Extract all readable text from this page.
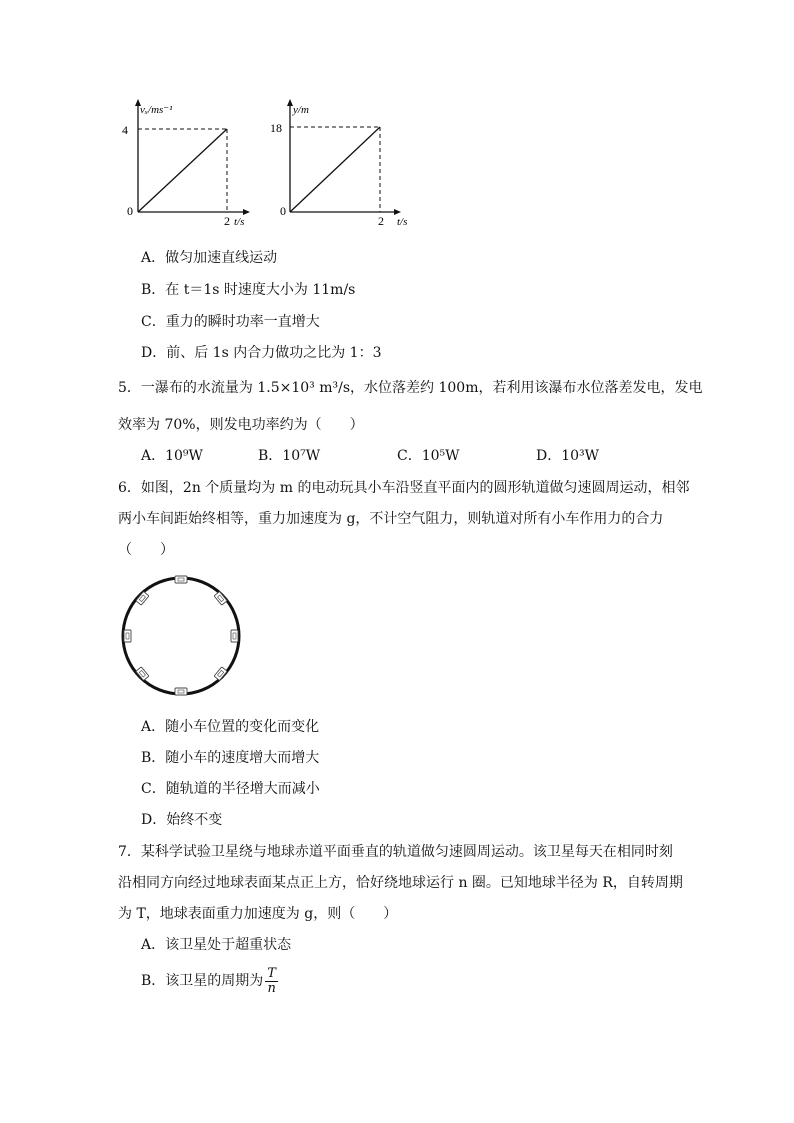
vₓ/ms⁻¹
4
0
2 t/s
y/m
18
0
2 t/s
A．做匀加速直线运动
B．在 t＝1s 时速度大小为 11m/s
C．重力的瞬时功率一直增大
D．前、后 1s 内合力做功之比为 1：3
5．一瀑布的水流量为 1.5×10³ m³/s，水位落差约 100m，若利用该瀑布水位落差发电，发电
效率为 70%，则发电功率约为（　　）
A．10⁹W	B．10⁷W	C．10⁵W	D．10³W
6．如图，2n 个质量均为 m 的电动玩具小车沿竖直平面内的圆形轨道做匀速圆周运动，相邻
两小车间距始终相等，重力加速度为 g，不计空气阻力，则轨道对所有小车作用力的合力
（　　）
A．随小车位置的变化而变化
B．随小车的速度增大而增大
C．随轨道的半径增大而减小
D．始终不变
7．某科学试验卫星绕与地球赤道平面垂直的轨道做匀速圆周运动。该卫星每天在相同时刻
沿相同方向经过地球表面某点正上方，恰好绕地球运行 n 圈。已知地球半径为 R，自转周期
为 T，地球表面重力加速度为 g，则（　　）
A．该卫星处于超重状态
B．该卫星的周期为 $\frac{T}{n}$
